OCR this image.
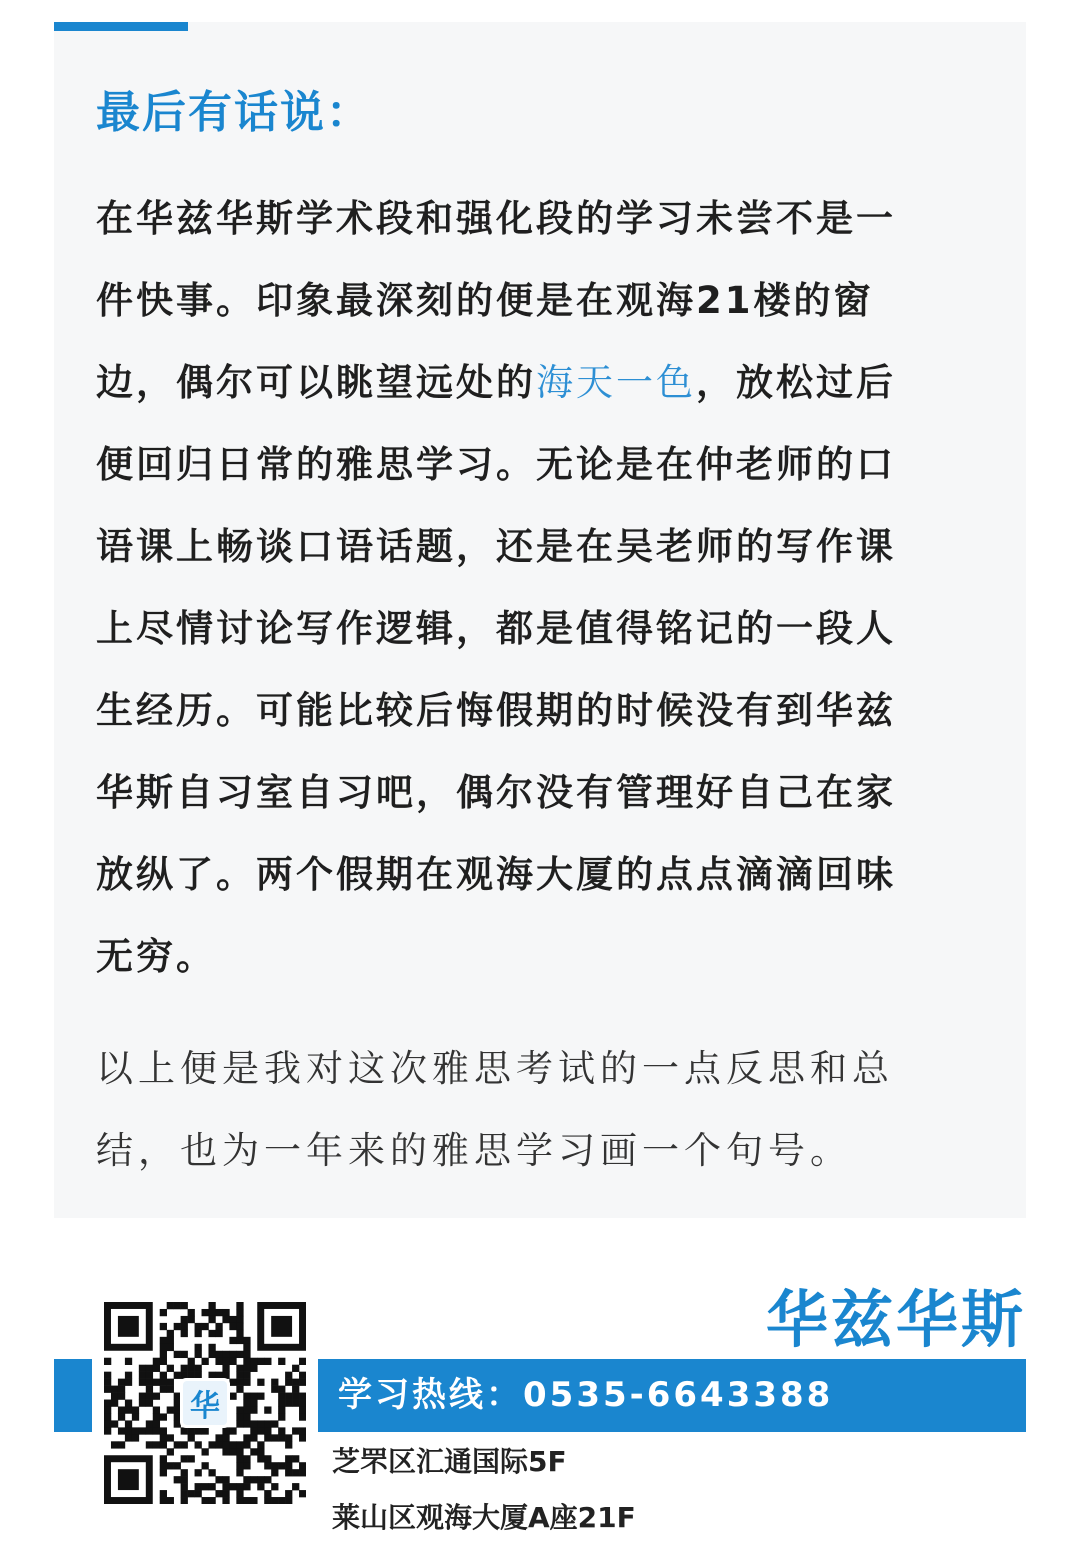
最后有话说：
在华兹华斯学术段和强化段的学习未尝不是一
件快事。印象最深刻的便是在观海21楼的窗
边，偶尔可以眺望远处的海天一色，放松过后
便回归日常的雅思学习。无论是在仲老师的口
语课上畅谈口语话题，还是在吴老师的写作课
上尽情讨论写作逻辑，都是值得铭记的一段人
生经历。可能比较后悔假期的时候没有到华兹
华斯自习室自习吧，偶尔没有管理好自己在家
放纵了。两个假期在观海大厦的点点滴滴回味
无穷。
以上便是我对这次雅思考试的一点反思和总
结，也为一年来的雅思学习画一个句号。
华
华兹华斯
学习热线：0535-6643388
芝罘区汇通国际5F
莱山区观海大厦A座21F
